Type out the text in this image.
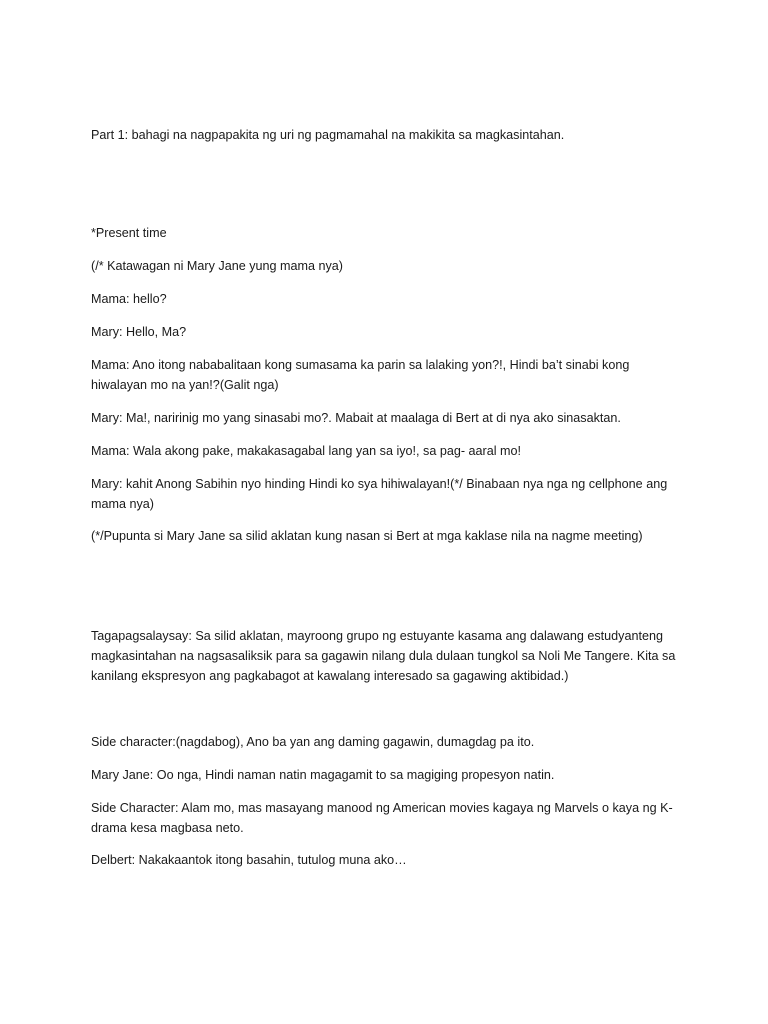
Part 1: bahagi na nagpapakita ng uri ng pagmamahal na makikita sa magkasintahan.

*Present time

(/* Katawagan ni Mary Jane yung mama nya)

Mama: hello?

Mary: Hello, Ma?

Mama: Ano itong nababalitaan kong sumasama ka parin sa lalaking yon?!, Hindi ba’t sinabi kong hiwalayan mo na yan!?(Galit nga)

Mary: Ma!, naririnig mo yang sinasabi mo?. Mabait at maalaga di Bert at di nya ako sinasaktan.

Mama: Wala akong pake, makakasagabal lang yan sa iyo!, sa pag- aaral mo!

Mary: kahit Anong Sabihin nyo hinding Hindi ko sya hihiwalayan!(*/ Binabaan nya nga ng cellphone ang mama nya)

(*/Pupunta si Mary Jane sa silid aklatan kung nasan si Bert at mga kaklase nila na nagme meeting)

Tagapagsalaysay: Sa silid aklatan, mayroong grupo ng estuyante kasama ang dalawang estudyanteng magkasintahan na nagsasaliksik para sa gagawin nilang dula dulaan tungkol sa Noli Me Tangere. Kita sa kanilang ekspresyon ang pagkabagot at kawalang interesado sa gagawing aktibidad.)

Side character:(nagdabog), Ano ba yan ang daming gagawin, dumagdag pa ito.

Mary Jane: Oo nga, Hindi naman natin magagamit to sa magiging propesyon natin.

Side Character: Alam mo, mas masayang manood ng American movies kagaya ng Marvels o kaya ng K-drama kesa magbasa neto.

Delbert: Nakakaantok itong basahin, tutulog muna ako…
